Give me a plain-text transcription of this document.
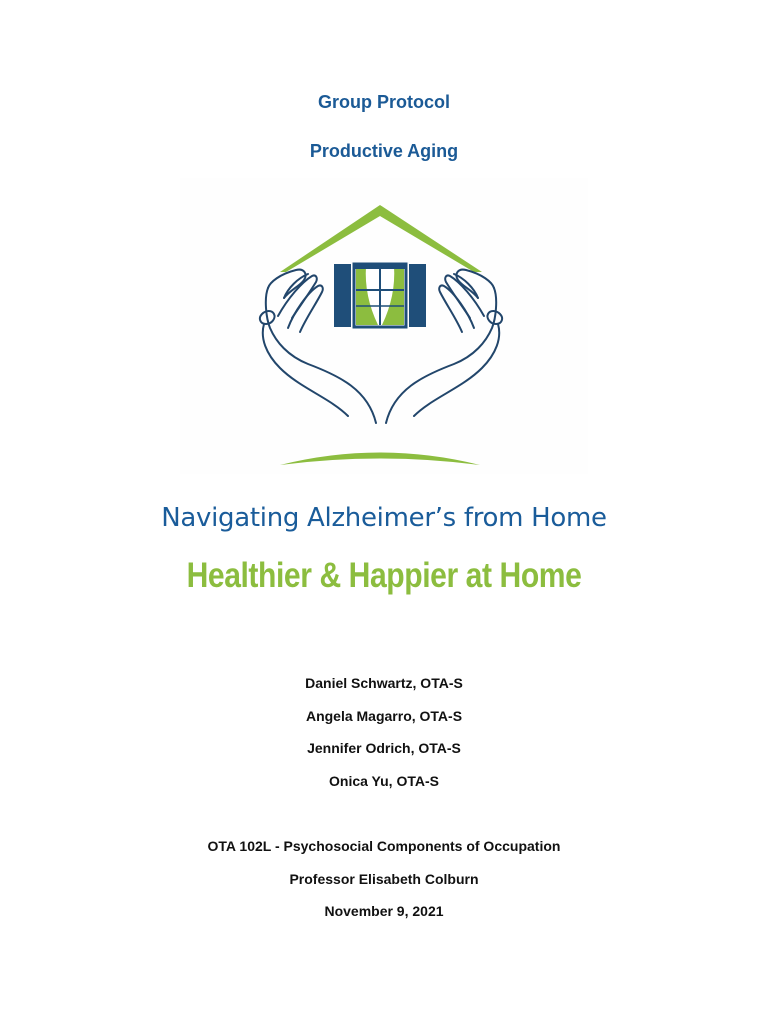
Group Protocol
Productive Aging
Navigating Alzheimer’s from Home
Healthier & Happier at Home
Daniel Schwartz, OTA-S
Angela Magarro, OTA-S
Jennifer Odrich, OTA-S
Onica Yu, OTA-S
OTA 102L - Psychosocial Components of Occupation
Professor Elisabeth Colburn
November 9, 2021
